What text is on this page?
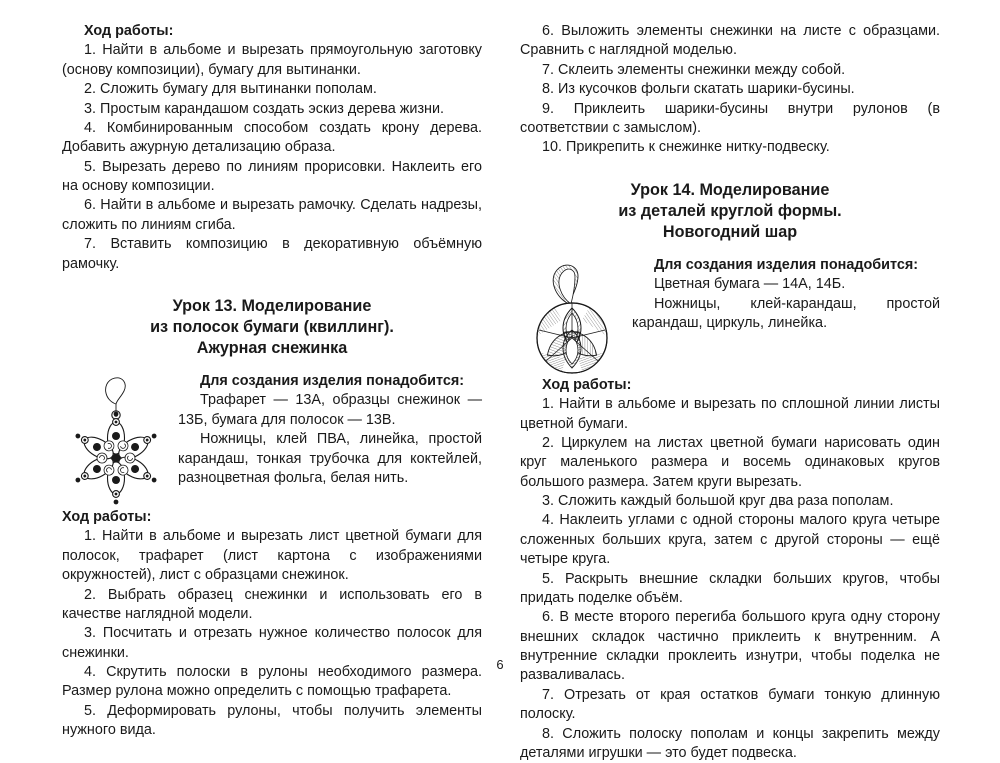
Ход работы:

1. Найти в альбоме и вырезать прямоугольную заготовку (основу композиции), бумагу для вытинанки.

2. Сложить бумагу для вытинанки пополам.

3. Простым карандашом создать эскиз дерева жизни.

4. Комбинированным способом создать крону дерева. Добавить ажурную детализацию образа.

5. Вырезать дерево по линиям прорисовки. Наклеить его на основу композиции.

6. Найти в альбоме и вырезать рамочку. Сделать надрезы, сложить по линиям сгиба.

7. Вставить композицию в декоративную объёмную рамочку.

Урок 13. Моделирование
из полосок бумаги (квиллинг).
Ажурная снежинка
Для создания изделия понадобится:

Трафарет — 13А, образцы снежинок — 13Б, бумага для полосок — 13В.

Ножницы, клей ПВА, линейка, простой карандаш, тонкая трубочка для коктейлей, разноцветная фольга, белая нить.

Ход работы:

1. Найти в альбоме и вырезать лист цветной бумаги для полосок, трафарет (лист картона с изображениями окружностей), лист с образцами снежинок.

2. Выбрать образец снежинки и использовать его в качестве наглядной модели.

3. Посчитать и отрезать нужное количество полосок для снежинки.

4. Скрутить полоски в рулоны необходимого размера. Размер рулона можно определить с помощью трафарета.

5. Деформировать рулоны, чтобы получить элементы нужного вида.

6. Выложить элементы снежинки на листе с образцами. Сравнить с наглядной моделью.

7. Склеить элементы снежинки между собой.

8. Из кусочков фольги скатать шарики-бусины.

9. Приклеить шарики-бусины внутри рулонов (в соответствии с замыслом).

10. Прикрепить к снежинке нитку-подвеску.

Урок 14. Моделирование
из деталей круглой формы.
Новогодний шар
Для создания изделия понадобится:

Цветная бумага — 14А, 14Б.

Ножницы, клей-карандаш, простой карандаш, циркуль, линейка.

Ход работы:

1. Найти в альбоме и вырезать по сплошной линии листы цветной бумаги.

2. Циркулем на листах цветной бумаги нарисовать один круг маленького размера и восемь одинаковых кругов большого размера. Затем круги вырезать.

3. Сложить каждый большой круг два раза пополам.

4. Наклеить углами с одной стороны малого круга четыре сложенных больших круга, затем с другой стороны — ещё четыре круга.

5. Раскрыть внешние складки больших кругов, чтобы придать поделке объём.

6. В месте второго перегиба большого круга одну сторону внешних складок частично приклеить к внутренним. А внутренние складки проклеить изнутри, чтобы поделка не разваливалась.

7. Отрезать от края остатков бумаги тонкую длинную полоску.

8. Сложить полоску пополам и концы закрепить между деталями игрушки — это будет подвеска.

6
